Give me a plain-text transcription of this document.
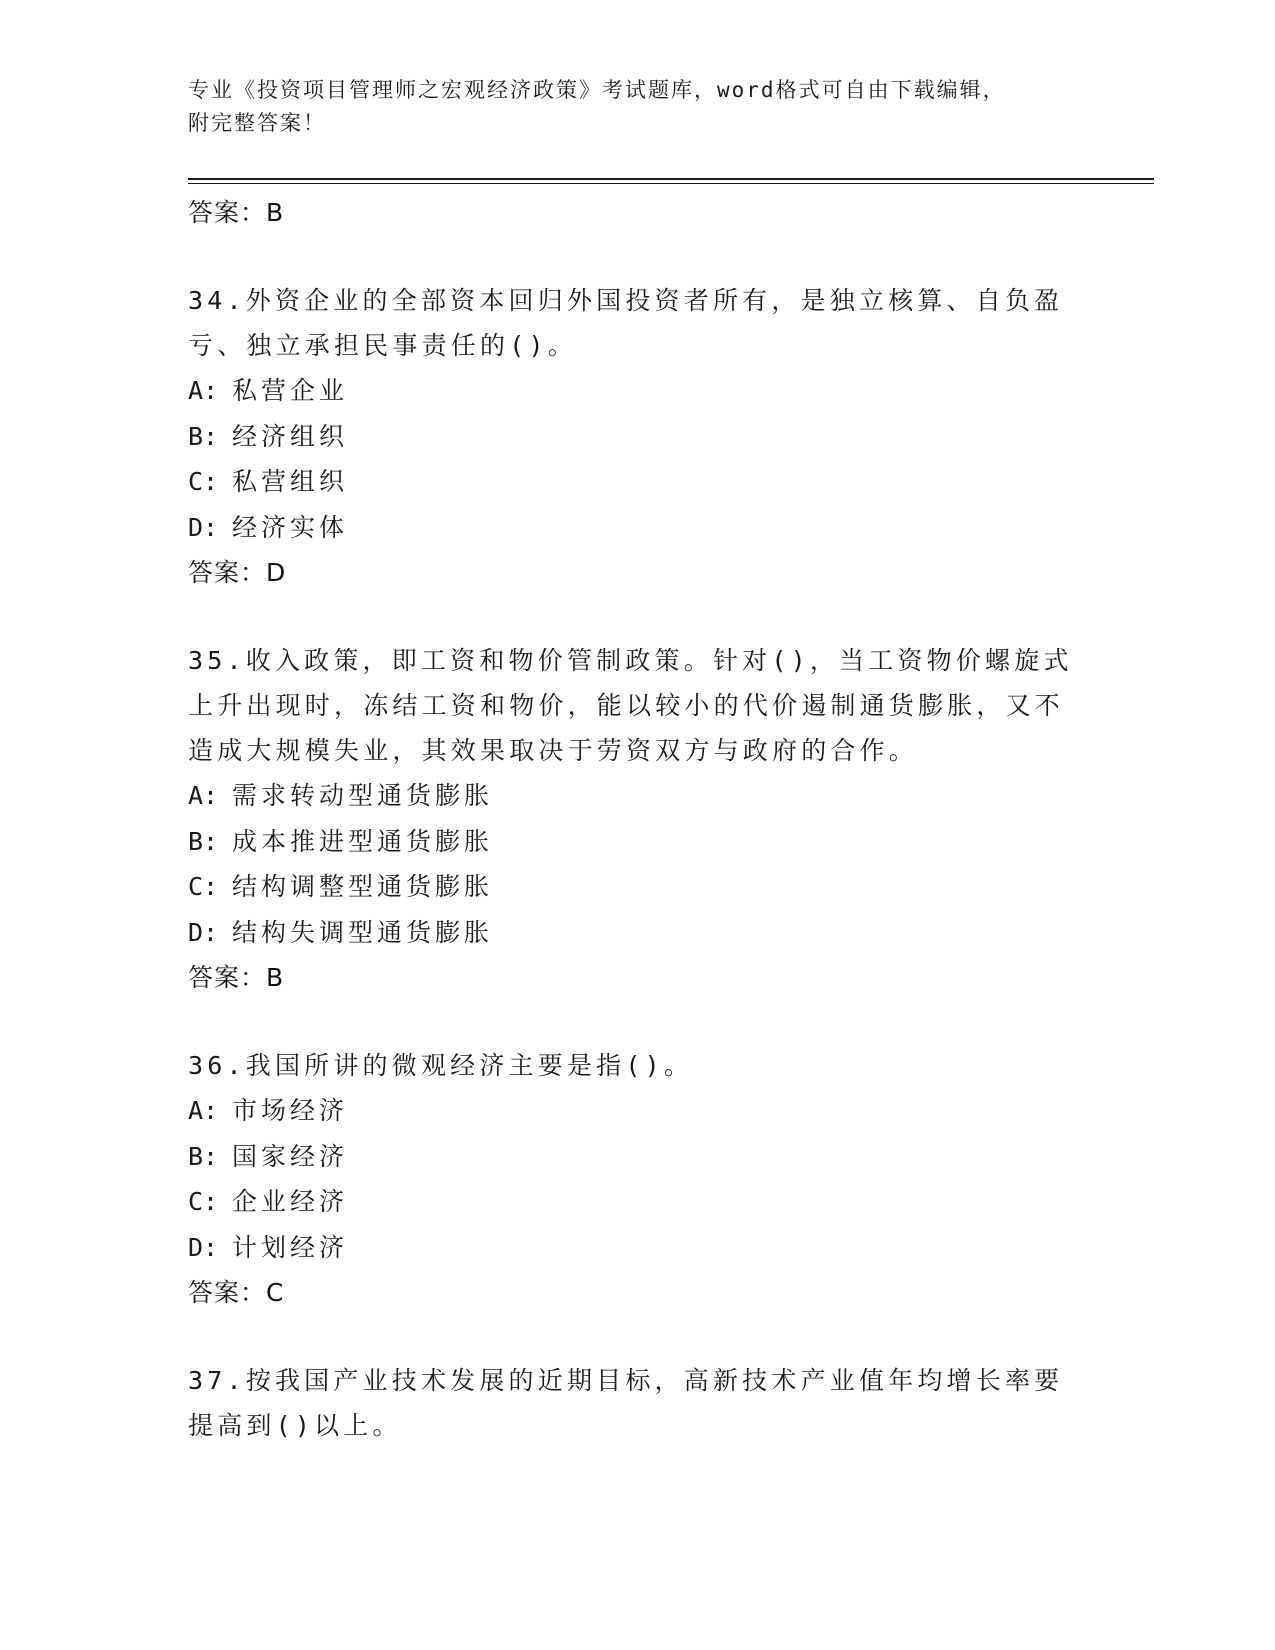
专业《投资项目管理师之宏观经济政策》考试题库，word格式可自由下载编辑，
附完整答案！
答案：B
34.外资企业的全部资本回归外国投资者所有，是独立核算、自负盈亏、独立承担民事责任的()。
A: 私营企业
B: 经济组织
C: 私营组织
D: 经济实体
答案：D
35.收入政策，即工资和物价管制政策。针对()，当工资物价螺旋式上升出现时，冻结工资和物价，能以较小的代价遏制通货膨胀，又不造成大规模失业，其效果取决于劳资双方与政府的合作。
A: 需求转动型通货膨胀
B: 成本推进型通货膨胀
C: 结构调整型通货膨胀
D: 结构失调型通货膨胀
答案：B
36.我国所讲的微观经济主要是指()。
A: 市场经济
B: 国家经济
C: 企业经济
D: 计划经济
答案：C
37.按我国产业技术发展的近期目标，高新技术产业值年均增长率要提高到()以上。
